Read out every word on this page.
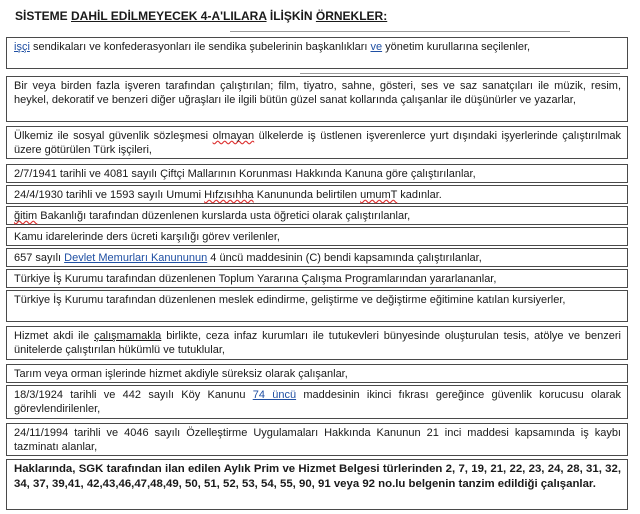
SİSTEME DAHİL EDİLMEYECEK 4-A'LILARA İLİŞKİN ÖRNEKLER:
işçi sendikaları ve konfederasyonları ile sendika şubelerinin başkanlıkları ve yönetim kurullarına seçilenler,
Bir veya birden fazla işveren tarafından çalıştırılan; film, tiyatro, sahne, gösteri, ses ve saz sanatçıları ile müzik, resim, heykel, dekoratif ve benzeri diğer uğraşları ile ilgili bütün güzel sanat kollarında çalışanlar ile düşünürler ve yazarlar,
Ülkemiz ile sosyal güvenlik sözleşmesi olmayan ülkelerde iş üstlenen işverenlerce yurt dışındaki işyerlerinde çalıştırılmak üzere götürülen Türk işçileri,
2/7/1941 tarihli ve 4081 sayılı Çiftçi Mallarının Korunması Hakkında Kanuna göre çalıştırılanlar,
24/4/1930 tarihli ve 1593 sayılı Umumi Hıfzısıhha Kanununda belirtilen umumT kadınlar.
ğitim Bakanlığı tarafından düzenlenen kurslarda usta öğretici olarak çalıştırılanlar,
Kamu idarelerinde ders ücreti karşılığı görev verilenler,
657 sayılı Devlet Memurları Kanununun 4 üncü maddesinin (C) bendi kapsamında çalıştırılanlar,
Türkiye İş Kurumu tarafından düzenlenen Toplum Yararına Çalışma Programlarından yararlananlar,
Türkiye İş Kurumu tarafından düzenlenen meslek edindirme, geliştirme ve değiştirme eğitimine katılan kursiyerler,
Hizmet akdi ile çalışmamakla birlikte, ceza infaz kurumları ile tutukevleri bünyesinde oluşturulan tesis, atölye ve benzeri ünitelerde çalıştırılan hükümlü ve tutuklular,
Tarım veya orman işlerinde hizmet akdiyle süreksiz olarak çalışanlar,
18/3/1924 tarihli ve 442 sayılı Köy Kanunu 74 üncü maddesinin ikinci fıkrası gereğince güvenlik korucusu olarak görevlendirilenler,
24/11/1994 tarihli ve 4046 sayılı Özelleştirme Uygulamaları Hakkında Kanunun 21 inci maddesi kapsamında iş kaybı tazminatı alanlar,
Haklarında, SGK tarafından ilan edilen Aylık Prim ve Hizmet Belgesi türlerinden 2, 7, 19, 21, 22, 23, 24, 28, 31, 32, 34, 37, 39,41, 42,43,46,47,48,49, 50, 51, 52, 53, 54, 55, 90, 91 veya 92 no.lu belgenin tanzim edildiği çalışanlar.
